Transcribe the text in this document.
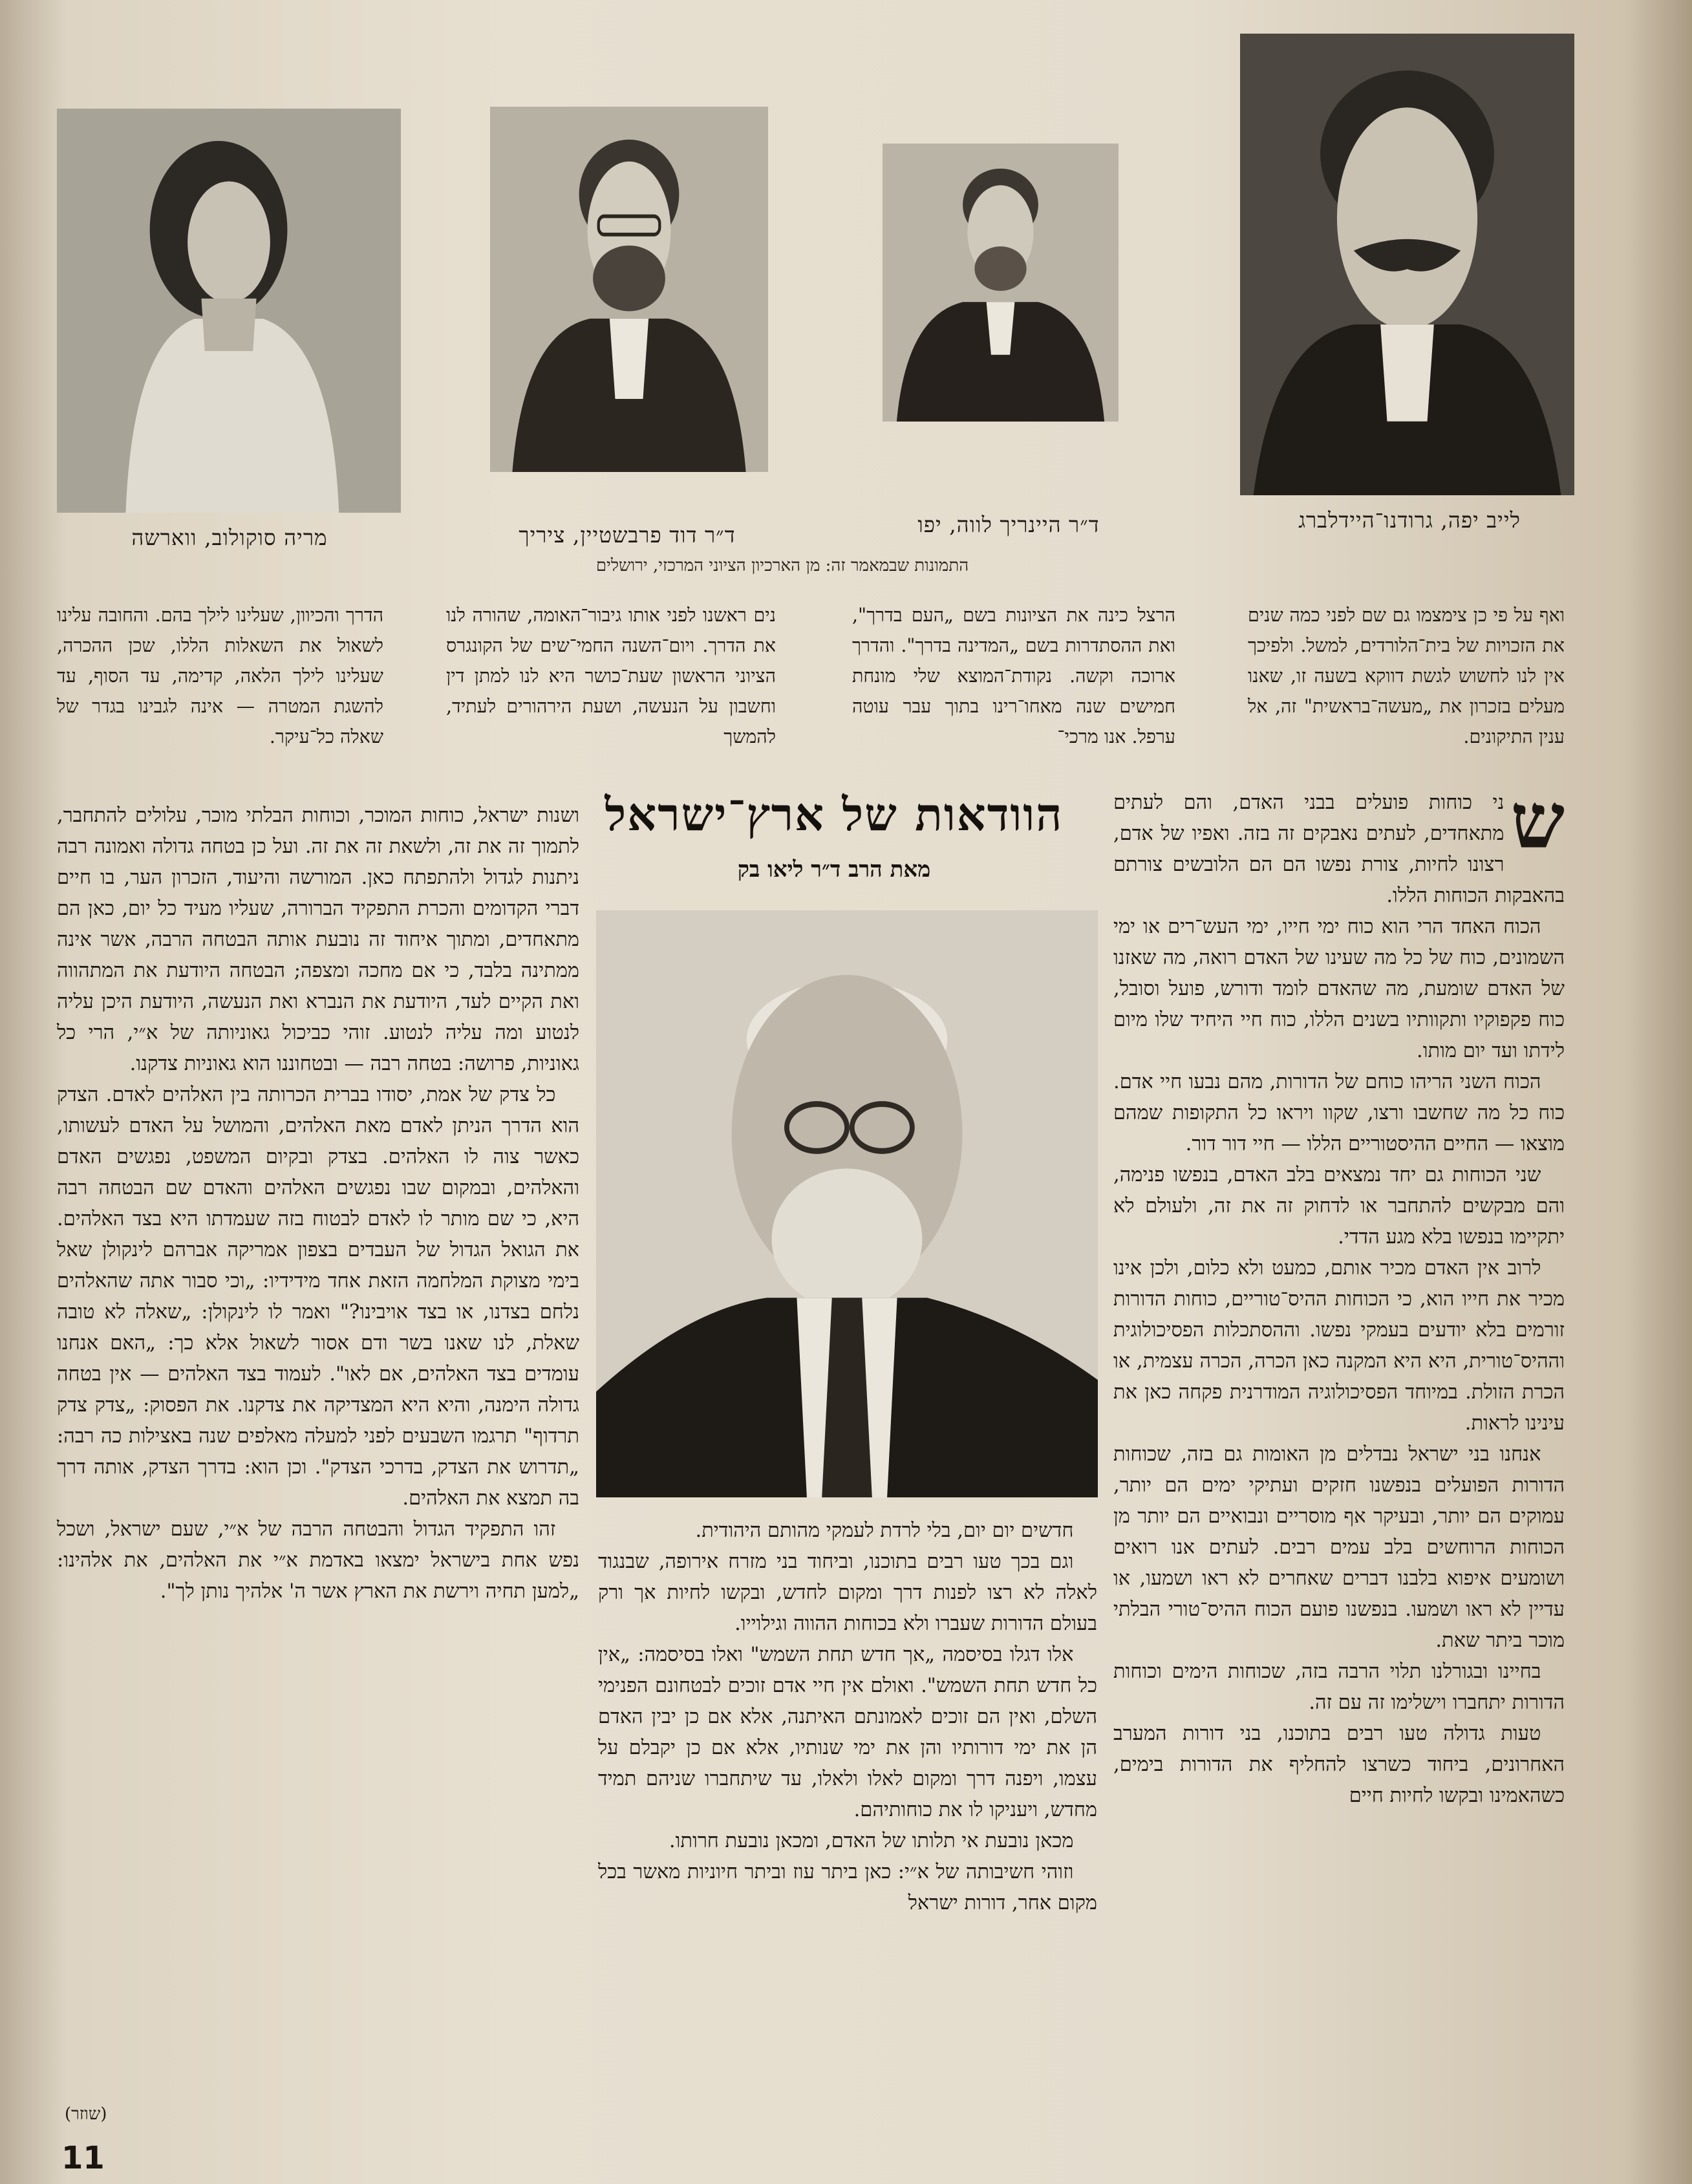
מריה סוקולוב, ווארשה	ד״ר דוד פרבשטיין, ציריך	ד״ר היינריך לווה, יפו	לייב יפה, גרודנו־היידלברג
התמונות שבמאמר זה: מן הארכיון הציוני המרכזי, ירושלים
ואף על פי כן צימצמו גם שם לפני כמה שנים את הזכויות של בית־הלורדים, למשל. ולפיכך אין לנו לחשוש לגשת דווקא בשעה זו, שאנו מעלים בזכרון את „מעשה־בראשית" זה, אל ענין התיקונים.
הרצל כינה את הציונות בשם „העם בדרך", ואת ההסתדרות בשם „המדינה בדרך". והדרך ארוכה וקשה. נקודת־המוצא שלי מונחת חמישים שנה מאחו־רינו בתוך עבר עוטה ערפל. אנו מרכי־
נים ראשנו לפני אותו גיבור־האומה, שהורה לנו את הדרך. ויום־השנה החמי־שים של הקונגרס הציוני הראשון שעת־כושר היא לנו למתן דין וחשבון על הנעשה, ושעת הירהורים לעתיד, להמשך
הדרך והכיוון, שעלינו לילך בהם. והחובה עלינו לשאול את השאלות הללו, שכן ההכרה, שעלינו לילך הלאה, קדימה, עד הסוף, עד להשגת המטרה — אינה לגבינו בגדר של שאלה כל־עיקר.
הוודאות של ארץ־ישראל
מאת הרב ד״ר ליאו בק

ש
ני כוחות פועלים בבני האדם, והם לעתים מתאחדים, לעתים נאבקים זה בזה. ואפיו של אדם, רצונו לחיות, צורת נפשו הם הם הלובשים צורתם בהאבקות הכוחות הללו.

הכוח האחד הרי הוא כוח ימי חייו, ימי העש־רים או ימי השמונים, כוח של כל מה שעינו של האדם רואה, מה שאזנו של האדם שומעת, מה שהאדם לומד ודורש, פועל וסובל, כוח פקפוקיו ותקוותיו בשנים הללו, כוח חיי היחיד שלו מיום לידתו ועד יום מותו.

הכוח השני הריהו כוחם של הדורות, מהם נבעו חיי אדם. כוח כל מה שחשבו ורצו, שקוו ויראו כל התקופות שמהם מוצאו — החיים ההיסטוריים הללו — חיי דור דור.

שני הכוחות גם יחד נמצאים בלב האדם, בנפשו פנימה, והם מבקשים להתחבר או לדחוק זה את זה, ולעולם לא יתקיימו בנפשו בלא מגע הדדי.

לרוב אין האדם מכיר אותם, כמעט ולא כלום, ולכן אינו מכיר את חייו הוא, כי הכוחות ההיס־טוריים, כוחות הדורות זורמים בלא יודעים בעמקי נפשו. וההסתכלות הפסיכולוגית וההיס־טורית, היא היא המקנה כאן הכרה, הכרה עצמית, או הכרת הזולת. במיוחד הפסיכולוגיה המודרנית פקחה כאן את עינינו לראות.

אנחנו בני ישראל נבדלים מן האומות גם בזה, שכוחות הדורות הפועלים בנפשנו חזקים ועתיקי ימים הם יותר, עמוקים הם יותר, ובעיקר אף מוסריים ונבואיים הם יותר מן הכוחות הרוחשים בלב עמים רבים. לעתים אנו רואים ושומעים איפוא בלבנו דברים שאחרים לא ראו ושמעו, או עדיין לא ראו ושמעו. בנפשנו פועם הכוח ההיס־טורי הבלתי מוכר ביתר שאת.

בחיינו ובגורלנו תלוי הרבה בזה, שכוחות הימים וכוחות הדורות יתחברו וישלימו זה עם זה.

טעות גדולה טעו רבים בתוכנו, בני דורות המערב האחרונים, ביחוד כשרצו להחליף את הדורות בימים, כשהאמינו ובקשו לחיות חיים

חדשים יום יום, בלי לרדת לעמקי מהותם היהודית.

וגם בכך טעו רבים בתוכנו, וביחוד בני מזרח אירופה, שבנגוד לאלה לא רצו לפנות דרך ומקום לחדש, ובקשו לחיות אך ורק בעולם הדורות שעברו ולא בכוחות ההווה וגילוייו.

אלו דגלו בסיסמה „אך חדש תחת השמש" ואלו בסיסמה: „אין כל חדש תחת השמש". ואולם אין חיי אדם זוכים לבטחונם הפנימי השלם, ואין הם זוכים לאמונתם האיתנה, אלא אם כן יבין האדם הן את ימי דורותיו והן את ימי שנותיו, אלא אם כן יקבלם על עצמו, ויפנה דרך ומקום לאלו ולאלו, עד שיתחברו שניהם תמיד מחדש, ויעניקו לו את כוחותיהם.

מכאן נובעת אי תלותו של האדם, ומכאן נובעת חרותו.

וזוהי חשיבותה של א״י: כאן ביתר עוז וביתר חיוניות מאשר בכל מקום אחר, דורות ישראל

ושנות ישראל, כוחות המוכר, וכוחות הבלתי מוכר, עלולים להתחבר, לתמוך זה את זה, ולשאת זה את זה. ועל כן בטחה גדולה ואמונה רבה ניתנות לגדול ולהתפתח כאן. המורשה והיעוד, הזכרון הער, בו חיים דברי הקדומים והכרת התפקיד הברורה, שעליו מעיד כל יום, כאן הם מתאחדים, ומתוך איחוד זה נובעת אותה הבטחה הרבה, אשר אינה ממתינה בלבד, כי אם מחכה ומצפה; הבטחה היודעת את המתהווה ואת הקיים לעד, היודעת את הנברא ואת הנעשה, היודעת היכן עליה לנטוע ומה עליה לנטוע. זוהי כביכול גאוניותה של א״י, הרי כל גאוניות, פרושה: בטחה רבה — ובטחוננו הוא גאוניות צדקנו.

כל צדק של אמת, יסודו בברית הכרותה בין האלהים לאדם. הצדק הוא הדרך הניתן לאדם מאת האלהים, והמושל על האדם לעשותו, כאשר צוה לו האלהים. בצדק ובקיום המשפט, נפגשים האדם והאלהים, ובמקום שבו נפגשים האלהים והאדם שם הבטחה רבה היא, כי שם מותר לו לאדם לבטוח בזה שעמדתו היא בצד האלהים. את הגואל הגדול של העבדים בצפון אמריקה אברהם לינקולן שאל בימי מצוקת המלחמה הזאת אחד מידידיו: „וכי סבור אתה שהאלהים נלחם בצדנו, או בצד אויבינו?" ואמר לו לינקולן: „שאלה לא טובה שאלת, לנו שאנו בשר ודם אסור לשאול אלא כך: „האם אנחנו עומדים בצד האלהים, אם לאו". לעמוד בצד האלהים — אין בטחה גדולה הימנה, והיא היא המצדיקה את צדקנו. את הפסוק: „צדק צדק תרדוף" תרגמו השבעים לפני למעלה מאלפים שנה באצילות כה רבה: „תדרוש את הצדק, בדרכי הצדק". וכן הוא: בדרך הצדק, אותה דרך בה תמצא את האלהים.

זהו התפקיד הגדול והבטחה הרבה של א״י, שעם ישראל, ושכל נפש אחת בישראל ימצאו באדמת א״י את האלהים, את אלהינו: „למען תחיה וירשת את הארץ אשר ה' אלהיך נותן לך".

(שוזר)
11
